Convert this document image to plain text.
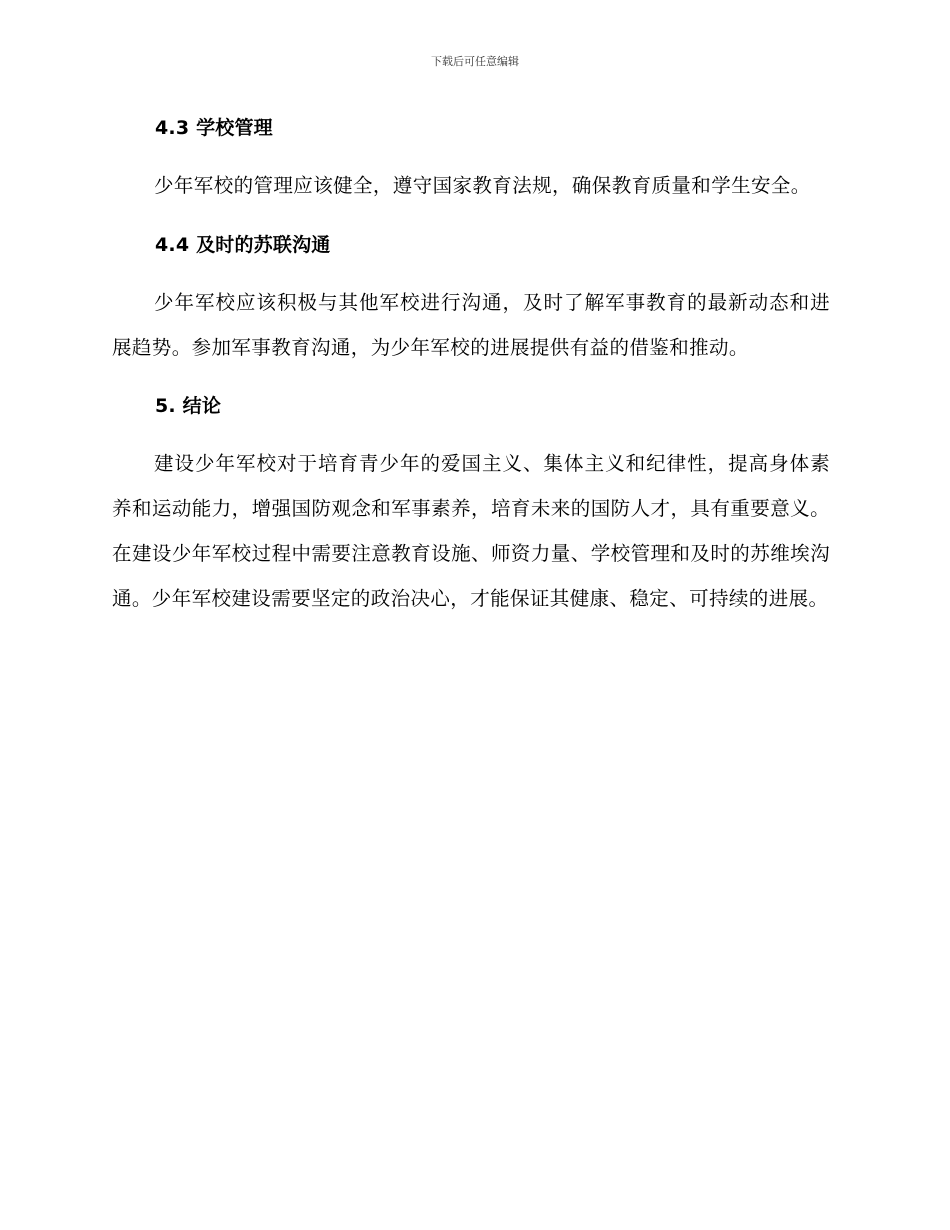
下载后可任意编辑
4.3 学校管理

少年军校的管理应该健全，遵守国家教育法规，确保教育质量和学生安全。

4.4 及时的苏联沟通

少年军校应该积极与其他军校进行沟通，及时了解军事教育的最新动态和进展趋势。参加军事教育沟通，为少年军校的进展提供有益的借鉴和推动。

5. 结论

建设少年军校对于培育青少年的爱国主义、集体主义和纪律性，提高身体素养和运动能力，增强国防观念和军事素养，培育未来的国防人才，具有重要意义。在建设少年军校过程中需要注意教育设施、师资力量、学校管理和及时的苏维埃沟通。少年军校建设需要坚定的政治决心，才能保证其健康、稳定、可持续的进展。
